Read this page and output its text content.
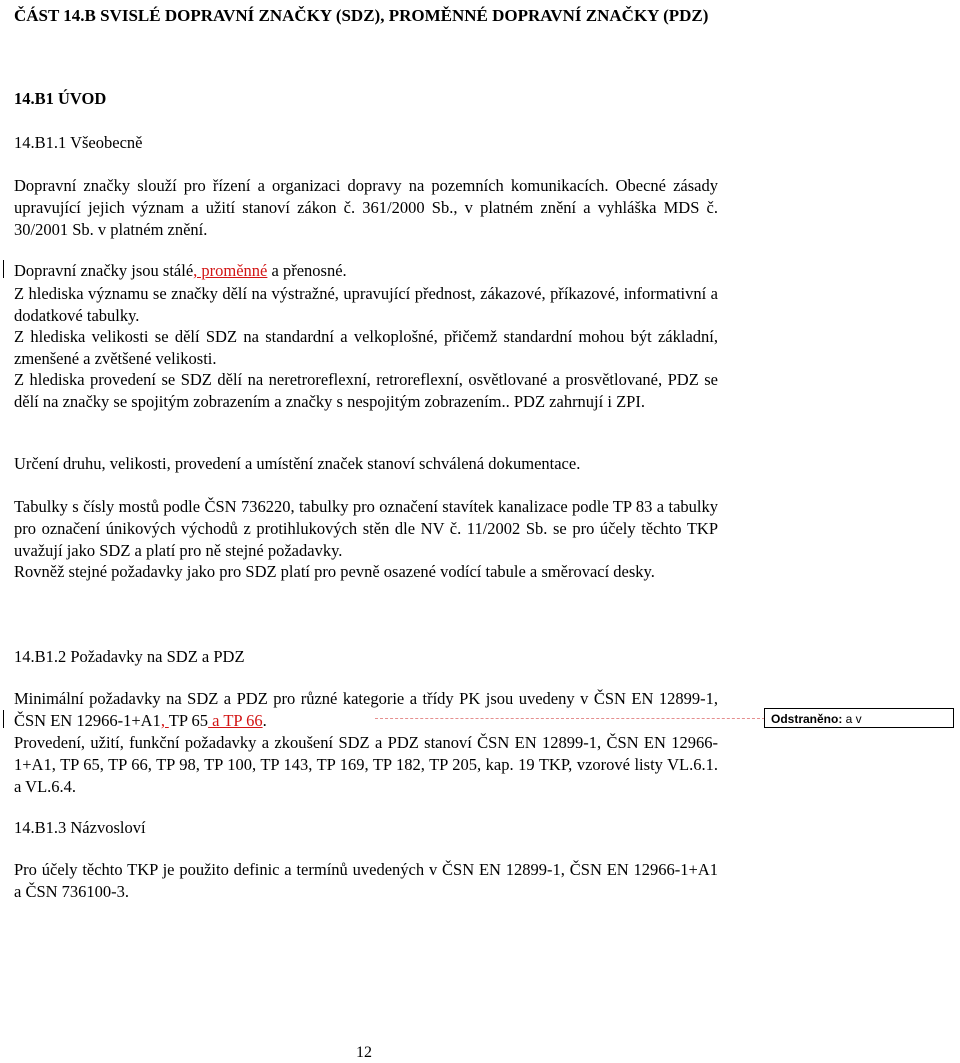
ČÁST 14.B SVISLÉ DOPRAVNÍ ZNAČKY (SDZ), PROMĚNNÉ DOPRAVNÍ ZNAČKY (PDZ)
14.B1 ÚVOD
14.B1.1 Všeobecně
Dopravní značky slouží pro řízení a organizaci dopravy na pozemních komunikacích. Obecné zásady upravující jejich význam a užití stanoví zákon č. 361/2000 Sb., v platném znění a vyhláška MDS č. 30/2001 Sb. v platném znění.
Dopravní značky jsou stálé, proměnné a přenosné.
Z hlediska významu se značky dělí na výstražné, upravující přednost, zákazové, příkazové, informativní a dodatkové tabulky.
Z hlediska velikosti se dělí SDZ na standardní a velkoplošné, přičemž standardní mohou být základní, zmenšené a zvětšené velikosti.
Z hlediska provedení se SDZ dělí na neretroreflexní, retroreflexní, osvětlované a prosvětlované, PDZ se dělí na značky se spojitým zobrazením a značky s nespojitým zobrazením.. PDZ zahrnují i ZPI.
Určení druhu, velikosti, provedení a umístění značek stanoví schválená dokumentace.
Tabulky s čísly mostů podle ČSN 736220, tabulky pro označení stavítek kanalizace podle TP 83 a tabulky pro označení únikových východů z protihlukových stěn dle NV č. 11/2002 Sb. se pro účely těchto TKP uvažují jako SDZ a platí pro ně stejné požadavky.
Rovněž stejné požadavky jako pro SDZ platí pro pevně osazené vodící tabule a směrovací desky.
14.B1.2 Požadavky na SDZ a PDZ
Minimální požadavky na SDZ a PDZ pro různé kategorie a třídy PK jsou uvedeny v ČSN EN 12899-1, ČSN EN 12966-1+A1, TP 65 a TP 66.	Odstraněno: a v
Provedení, užití, funkční požadavky a zkoušení SDZ a PDZ stanoví ČSN EN 12899-1, ČSN EN 12966-1+A1, TP 65, TP 66, TP 98, TP 100, TP 143, TP 169, TP 182, TP 205, kap. 19 TKP, vzorové listy VL.6.1. a VL.6.4.
14.B1.3 Názvosloví
Pro účely těchto TKP je použito definic a termínů uvedených v ČSN EN 12899-1, ČSN EN 12966-1+A1 a ČSN 736100-3.
12
